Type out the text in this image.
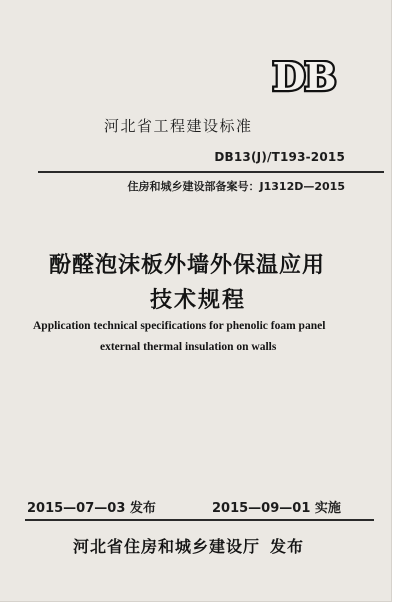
DB
河北省工程建设标准
DB13(J)/T193-2015
住房和城乡建设部备案号：J1312D—2015
酚醛泡沫板外墙外保温应用
技术规程
Application technical specifications for phenolic foam panel
external thermal insulation on walls
2015—07—03 发布	2015—09—01 实施
河北省住房和城乡建设厅 发布
